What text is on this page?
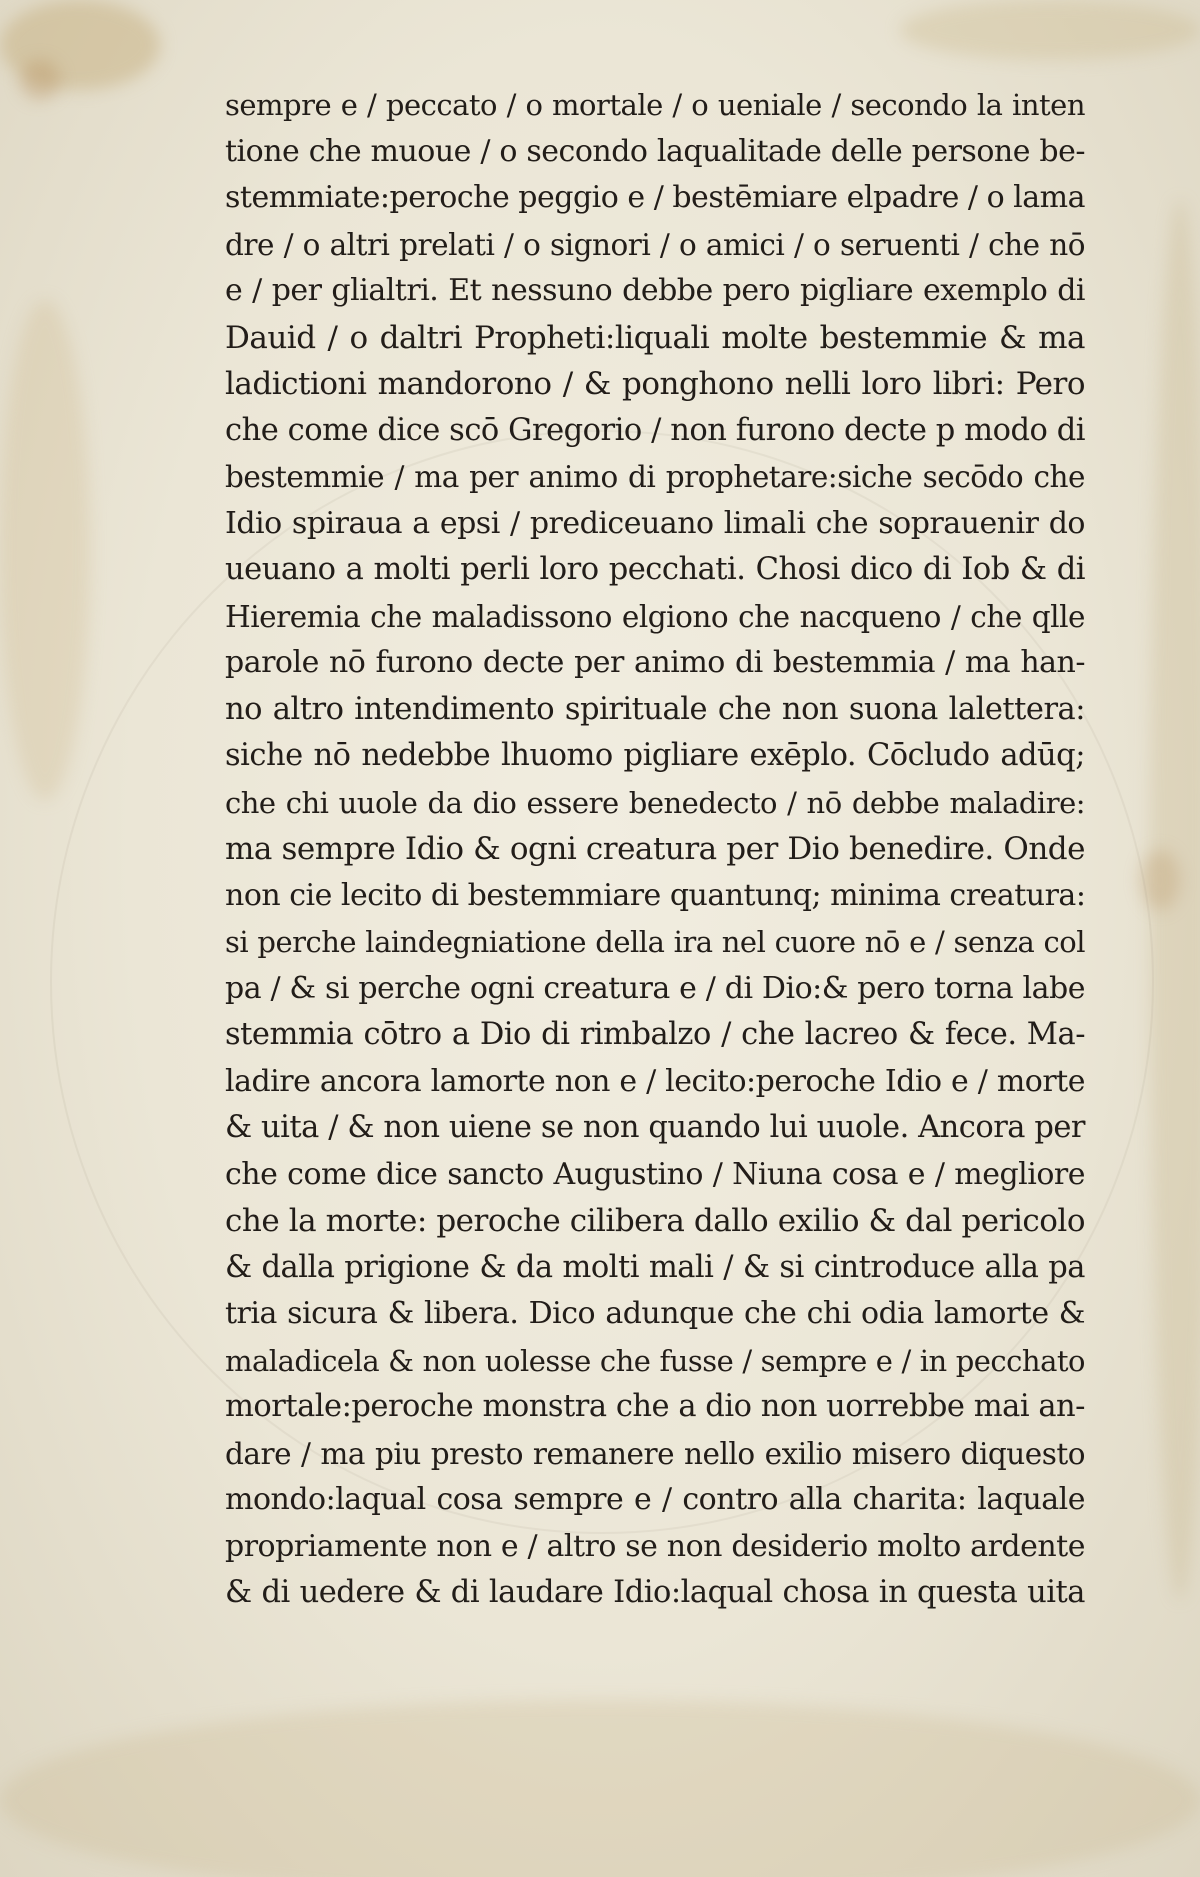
sempre e / peccato / o mortale / o ueniale / secondo la inten
tione che muoue / o secondo laqualitade delle persone be-
stemmiate:peroche peggio e / bestēmiare elpadre / o lama
dre / o altri prelati / o signori / o amici / o seruenti / che nō
e / per glialtri. Et nessuno debbe pero pigliare exemplo di
Dauid / o daltri Propheti:liquali molte bestemmie & ma
ladictioni mandorono / & ponghono nelli loro libri: Pero
che come dice scō Gregorio / non furono decte p modo di
bestemmie / ma per animo di prophetare:siche secōdo che
Idio spiraua a epsi / prediceuano limali che soprauenir do
ueuano a molti perli loro pecchati. Chosi dico di Iob & di
Hieremia che maladissono elgiono che nacqueno / che qlle
parole nō furono decte per animo di bestemmia / ma han-
no altro intendimento spirituale che non suona lalettera:
siche nō nedebbe lhuomo pigliare exēplo. Cōcludo adūq;
che chi uuole da dio essere benedecto / nō debbe maladire:
ma sempre Idio & ogni creatura per Dio benedire. Onde
non cie lecito di bestemmiare quantunq; minima creatura:
si perche laindegniatione della ira nel cuore nō e / senza col
pa / & si perche ogni creatura e / di Dio:& pero torna labe
stemmia cōtro a Dio di rimbalzo / che lacreo & fece. Ma-
ladire ancora lamorte non e / lecito:peroche Idio e / morte
& uita / & non uiene se non quando lui uuole. Ancora per
che come dice sancto Augustino / Niuna cosa e / megliore
che la morte: peroche cilibera dallo exilio & dal pericolo
& dalla prigione & da molti mali / & si cintroduce alla pa
tria sicura & libera. Dico adunque che chi odia lamorte &
maladicela & non uolesse che fusse / sempre e / in pecchato
mortale:peroche monstra che a dio non uorrebbe mai an-
dare / ma piu presto remanere nello exilio misero diquesto
mondo:laqual cosa sempre e / contro alla charita: laquale
propriamente non e / altro se non desiderio molto ardente
& di uedere & di laudare Idio:laqual chosa in questa uita
